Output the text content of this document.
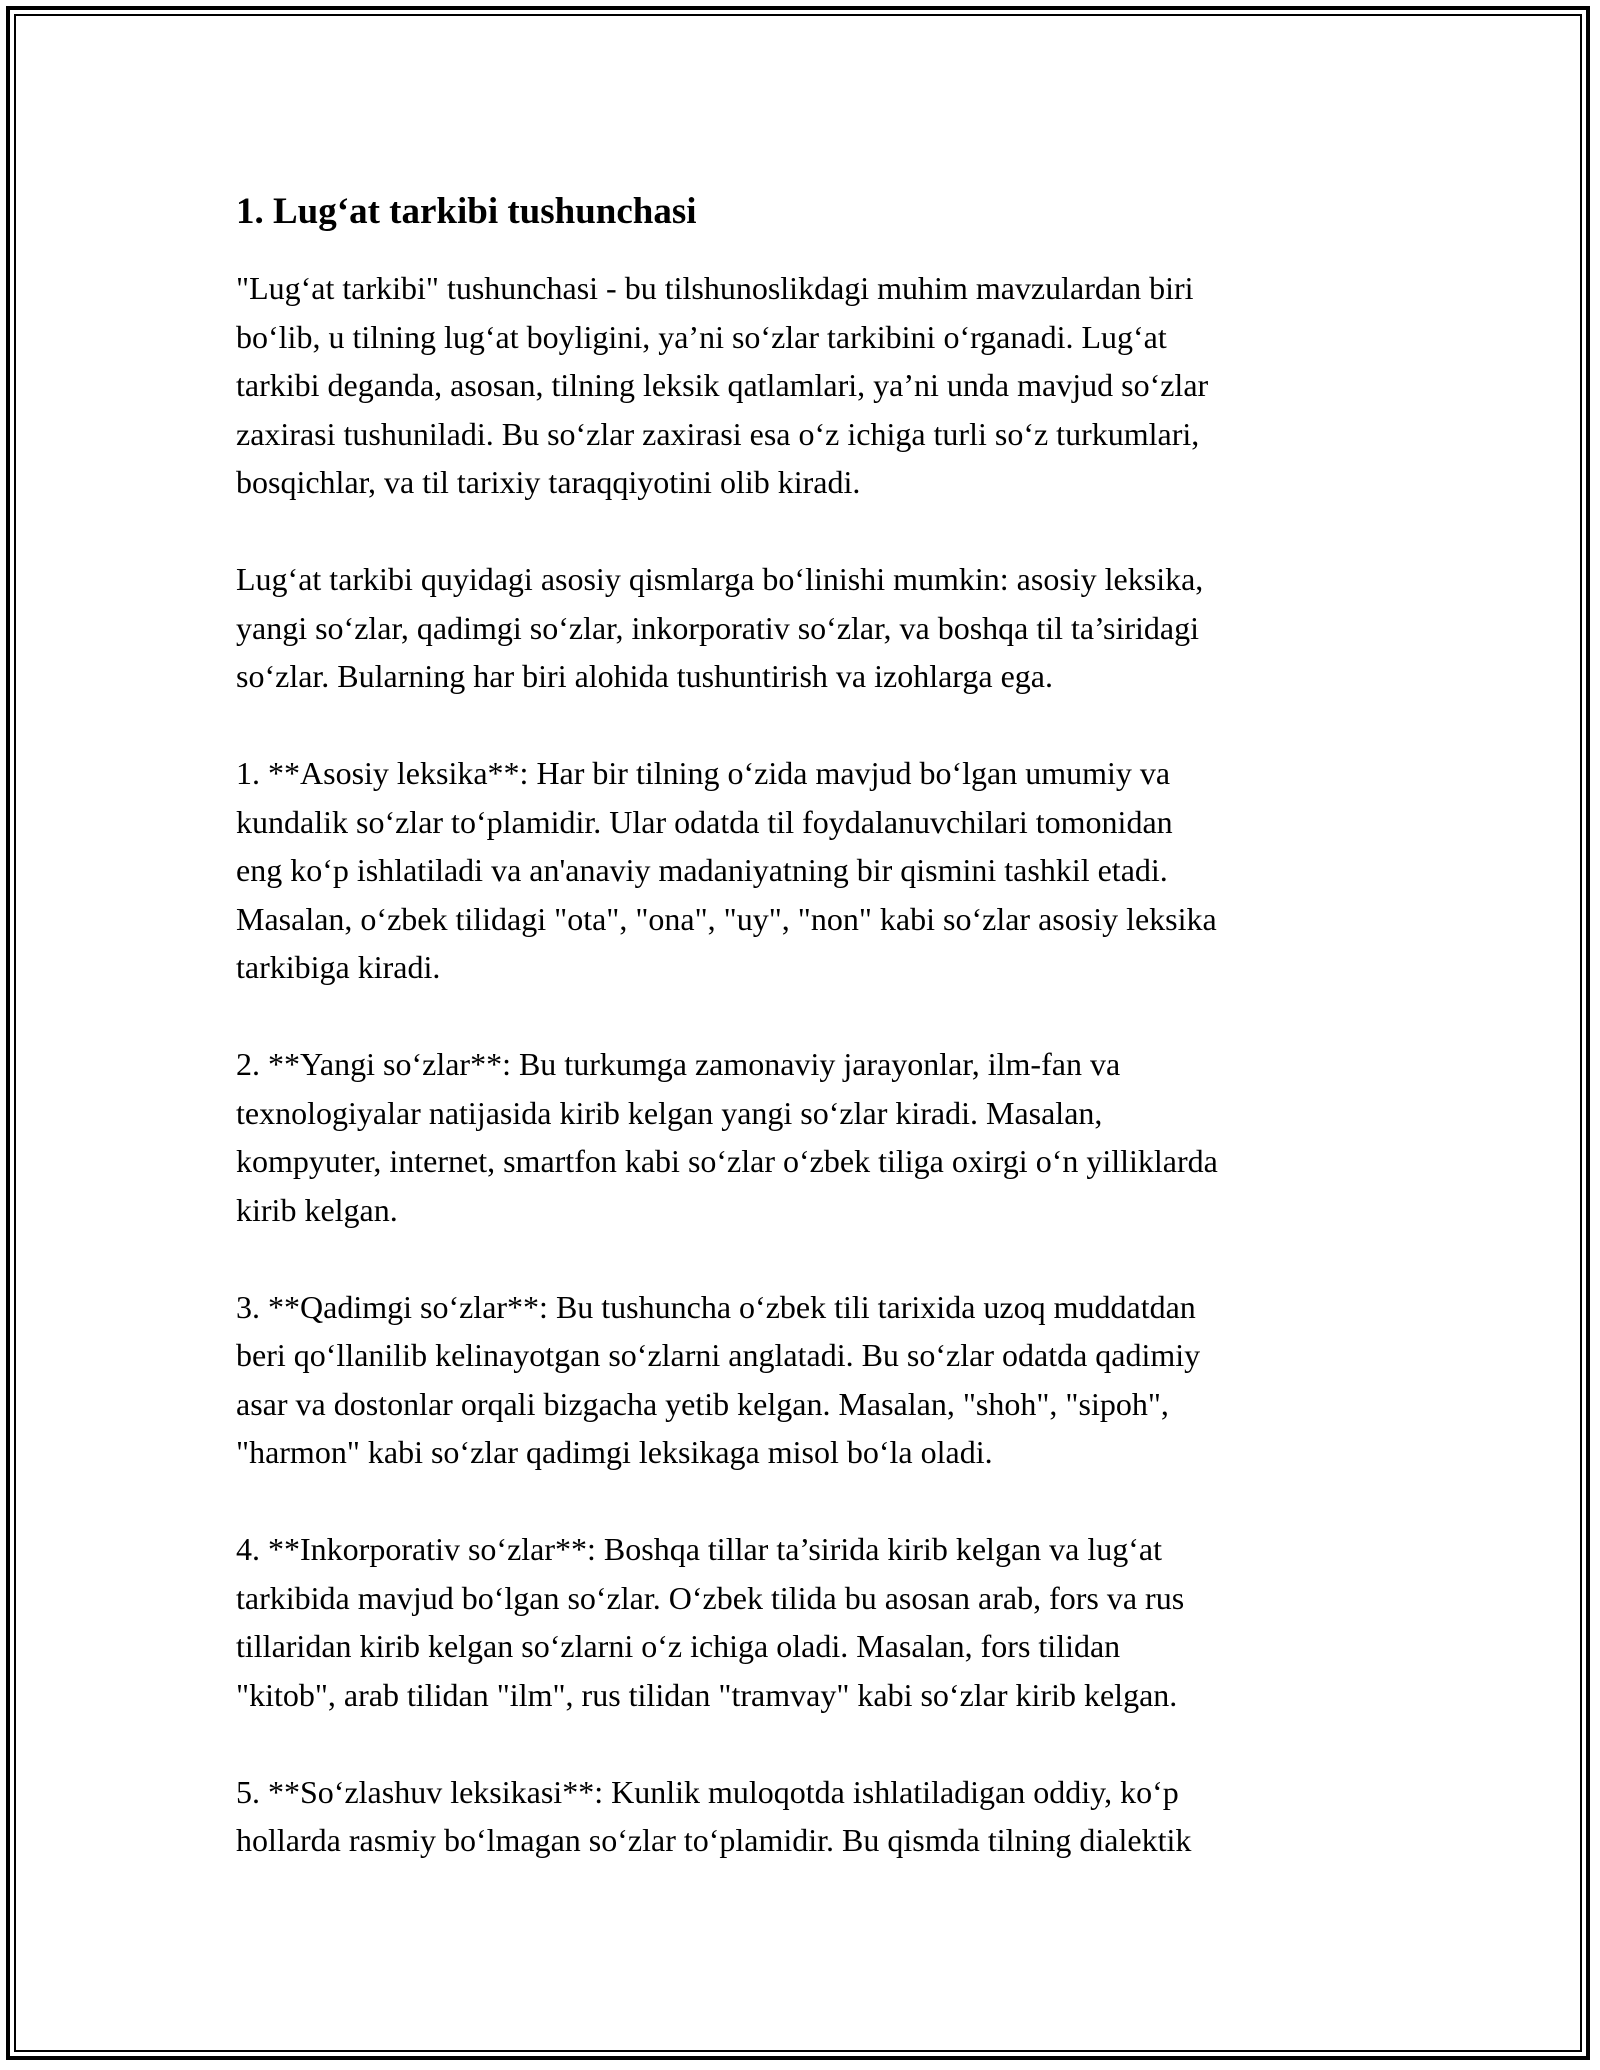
1. Lug‘at tarkibi tushunchasi
"Lug‘at tarkibi" tushunchasi - bu tilshunoslikdagi muhim mavzulardan biri
bo‘lib, u tilning lug‘at boyligini, ya’ni so‘zlar tarkibini o‘rganadi. Lug‘at
tarkibi deganda, asosan, tilning leksik qatlamlari, ya’ni unda mavjud so‘zlar
zaxirasi tushuniladi. Bu so‘zlar zaxirasi esa o‘z ichiga turli so‘z turkumlari,
bosqichlar, va til tarixiy taraqqiyotini olib kiradi.
Lug‘at tarkibi quyidagi asosiy qismlarga bo‘linishi mumkin: asosiy leksika,
yangi so‘zlar, qadimgi so‘zlar, inkorporativ so‘zlar, va boshqa til ta’siridagi
so‘zlar. Bularning har biri alohida tushuntirish va izohlarga ega.
1. **Asosiy leksika**: Har bir tilning o‘zida mavjud bo‘lgan umumiy va
kundalik so‘zlar to‘plamidir. Ular odatda til foydalanuvchilari tomonidan
eng ko‘p ishlatiladi va an'anaviy madaniyatning bir qismini tashkil etadi.
Masalan, o‘zbek tilidagi "ota", "ona", "uy", "non" kabi so‘zlar asosiy leksika
tarkibiga kiradi.
2. **Yangi so‘zlar**: Bu turkumga zamonaviy jarayonlar, ilm-fan va
texnologiyalar natijasida kirib kelgan yangi so‘zlar kiradi. Masalan,
kompyuter, internet, smartfon kabi so‘zlar o‘zbek tiliga oxirgi o‘n yilliklarda
kirib kelgan.
3. **Qadimgi so‘zlar**: Bu tushuncha o‘zbek tili tarixida uzoq muddatdan
beri qo‘llanilib kelinayotgan so‘zlarni anglatadi. Bu so‘zlar odatda qadimiy
asar va dostonlar orqali bizgacha yetib kelgan. Masalan, "shoh", "sipoh",
"harmon" kabi so‘zlar qadimgi leksikaga misol bo‘la oladi.
4. **Inkorporativ so‘zlar**: Boshqa tillar ta’sirida kirib kelgan va lug‘at
tarkibida mavjud bo‘lgan so‘zlar. O‘zbek tilida bu asosan arab, fors va rus
tillaridan kirib kelgan so‘zlarni o‘z ichiga oladi. Masalan, fors tilidan
"kitob", arab tilidan "ilm", rus tilidan "tramvay" kabi so‘zlar kirib kelgan.
5. **So‘zlashuv leksikasi**: Kunlik muloqotda ishlatiladigan oddiy, ko‘p
hollarda rasmiy bo‘lmagan so‘zlar to‘plamidir. Bu qismda tilning dialektik
